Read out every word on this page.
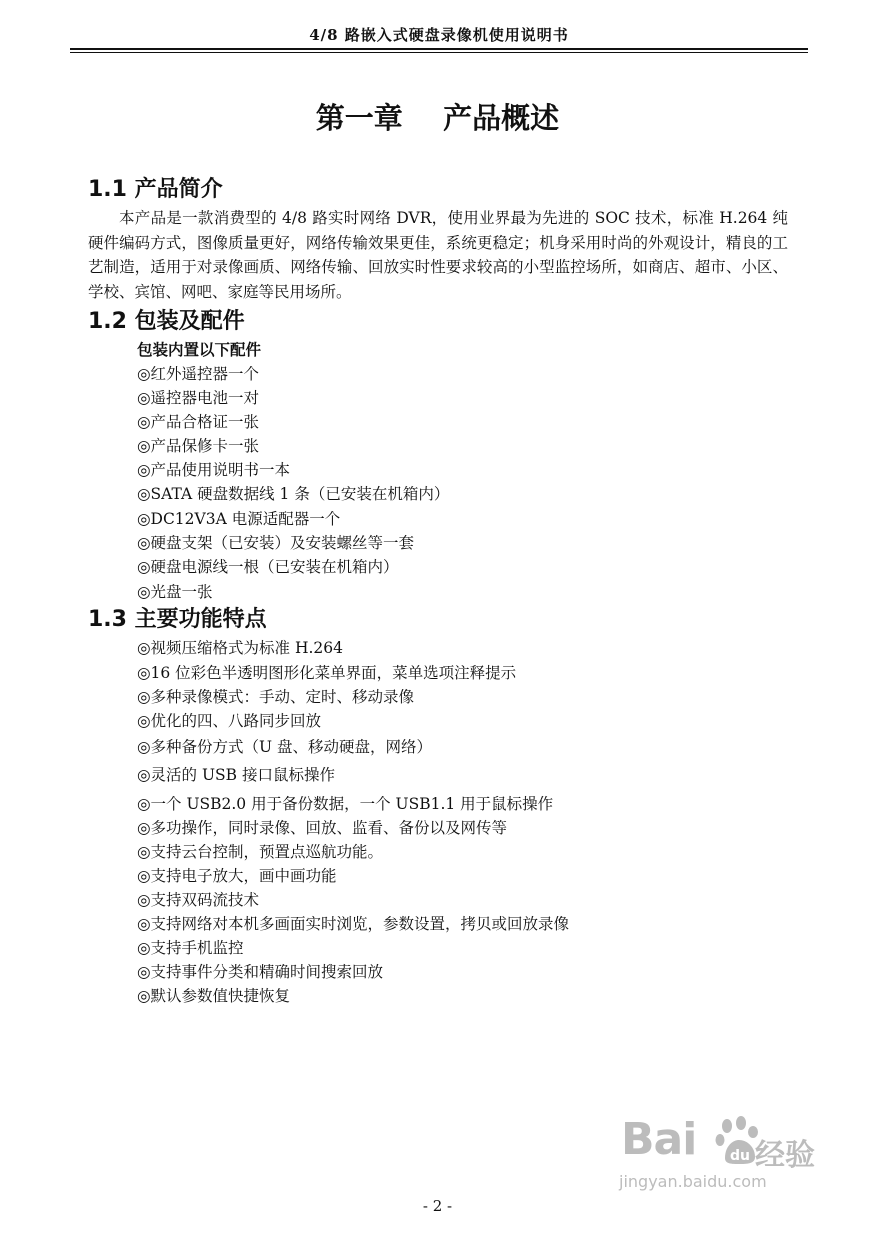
4/8 路嵌入式硬盘录像机使用说明书
第一章    产品概述
1.1 产品简介
本产品是一款消费型的 4/8 路实时网络 DVR，使用业界最为先进的 SOC 技术，标准 H.264 纯硬件编码方式，图像质量更好，网络传输效果更佳，系统更稳定；机身采用时尚的外观设计，精良的工艺制造，适用于对录像画质、网络传输、回放实时性要求较高的小型监控场所，如商店、超市、小区、学校、宾馆、网吧、家庭等民用场所。
1.2 包装及配件
包装内置以下配件
◎红外遥控器一个
◎遥控器电池一对
◎产品合格证一张
◎产品保修卡一张
◎产品使用说明书一本
◎SATA 硬盘数据线 1 条（已安装在机箱内）
◎DC12V3A 电源适配器一个
◎硬盘支架（已安装）及安装螺丝等一套
◎硬盘电源线一根（已安装在机箱内）
◎光盘一张
1.3 主要功能特点
◎视频压缩格式为标准 H.264
◎16 位彩色半透明图形化菜单界面，菜单选项注释提示
◎多种录像模式：手动、定时、移动录像
◎优化的四、八路同步回放
◎多种备份方式（U 盘、移动硬盘，网络）
◎灵活的 USB 接口鼠标操作
◎一个 USB2.0 用于备份数据，一个 USB1.1 用于鼠标操作
◎多功操作，同时录像、回放、监看、备份以及网传等
◎支持云台控制，预置点巡航功能。
◎支持电子放大，画中画功能
◎支持双码流技术
◎支持网络对本机多画面实时浏览，参数设置，拷贝或回放录像
◎支持手机监控
◎支持事件分类和精确时间搜索回放
◎默认参数值快捷恢复
Bai du 经验
jingyan.baidu.com
- 2 -
